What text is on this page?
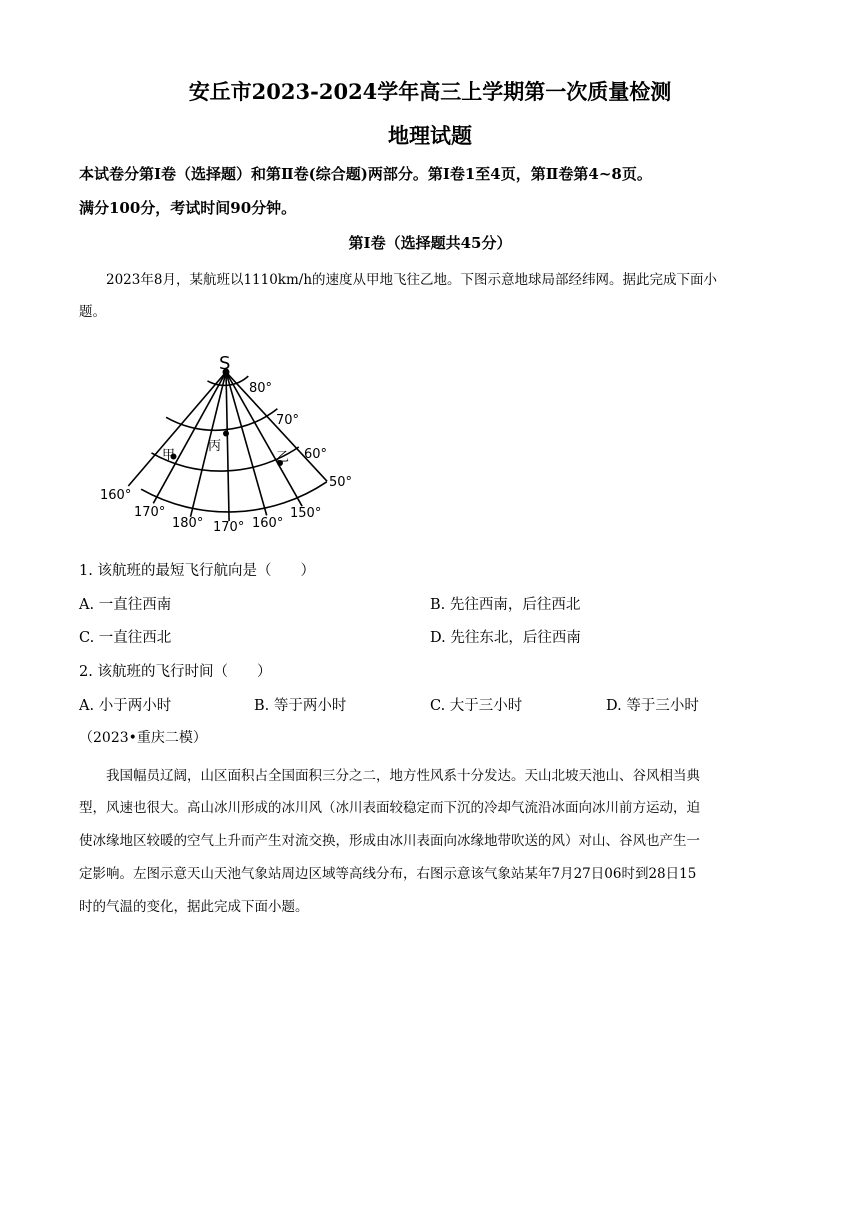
安丘市2023-2024学年高三上学期第一次质量检测
地理试题
本试卷分第Ⅰ卷（选择题）和第Ⅱ卷(综合题)两部分。第Ⅰ卷1至4页，第Ⅱ卷第4~8页。
满分100分，考试时间90分钟。
第Ⅰ卷（选择题共45分）
2023年8月，某航班以1110km/h的速度从甲地飞往乙地。下图示意地球局部经纬网。据此完成下面小
题。
S
80°
70°
60°
50°
160°
170°
180° 170° 160°
150°
甲
丙
乙
1. 该航班的最短飞行航向是（　　）
A. 一直往西南	B. 先往西南，后往西北
C. 一直往西北	D. 先往东北，后往西南
2. 该航班的飞行时间（　　）
A. 小于两小时	B. 等于两小时	C. 大于三小时	D. 等于三小时
（2023•重庆二模）
我国幅员辽阔，山区面积占全国面积三分之二，地方性风系十分发达。天山北坡天池山、谷风相当典
型，风速也很大。高山冰川形成的冰川风（冰川表面较稳定而下沉的冷却气流沿冰面向冰川前方运动，迫
使冰缘地区较暖的空气上升而产生对流交换，形成由冰川表面向冰缘地带吹送的风）对山、谷风也产生一
定影响。左图示意天山天池气象站周边区域等高线分布，右图示意该气象站某年7月27日06时到28日15
时的气温的变化，据此完成下面小题。
